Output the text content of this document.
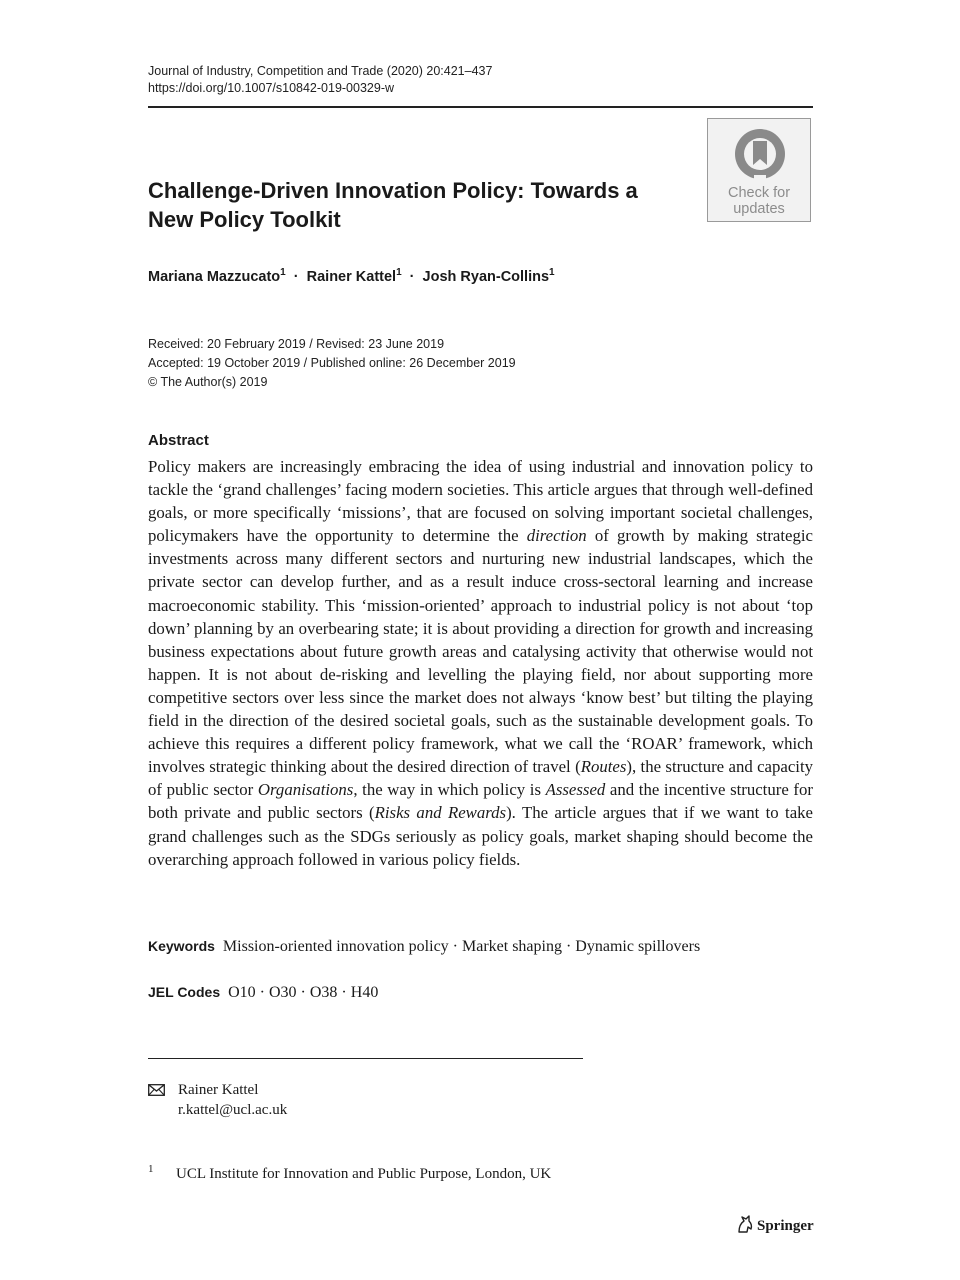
Journal of Industry, Competition and Trade (2020) 20:421–437
https://doi.org/10.1007/s10842-019-00329-w
Check for
updates
Challenge-Driven Innovation Policy: Towards a New Policy Toolkit
Mariana Mazzucato$^1$ · Rainer Kattel$^1$ · Josh Ryan-Collins$^1$
Received: 20 February 2019 / Revised: 23 June 2019
Accepted: 19 October 2019 / Published online: 26 December 2019
© The Author(s) 2019
Abstract
Policy makers are increasingly embracing the idea of using industrial and innovation policy to tackle the ‘grand challenges’ facing modern societies. This article argues that through well-defined goals, or more specifically ‘missions’, that are focused on solving important societal challenges, policymakers have the opportunity to determine the direction of growth by making strategic investments across many different sectors and nurturing new industrial landscapes, which the private sector can develop further, and as a result induce cross-sectoral learning and increase macroeconomic stability. This ‘mission-oriented’ approach to industrial policy is not about ‘top down’ planning by an overbearing state; it is about providing a direction for growth and increasing business expectations about future growth areas and catalysing activity that otherwise would not happen. It is not about de-risking and levelling the playing field, nor about supporting more competitive sectors over less since the market does not always ‘know best’ but tilting the playing field in the direction of the desired societal goals, such as the sustainable development goals. To achieve this requires a different policy framework, what we call the ‘ROAR’ framework, which involves strategic thinking about the desired direction of travel (Routes), the structure and capacity of public sector Organisations, the way in which policy is Assessed and the incentive structure for both private and public sectors (Risks and Rewards). The article argues that if we want to take grand challenges such as the SDGs seriously as policy goals, market shaping should become the overarching approach followed in various policy fields.
Keywords Mission-oriented innovation policy · Market shaping · Dynamic spillovers
JEL Codes O10 · O30 · O38 · H40
Rainer Kattel
r.kattel@ucl.ac.uk
1 UCL Institute for Innovation and Public Purpose, London, UK
Springer
